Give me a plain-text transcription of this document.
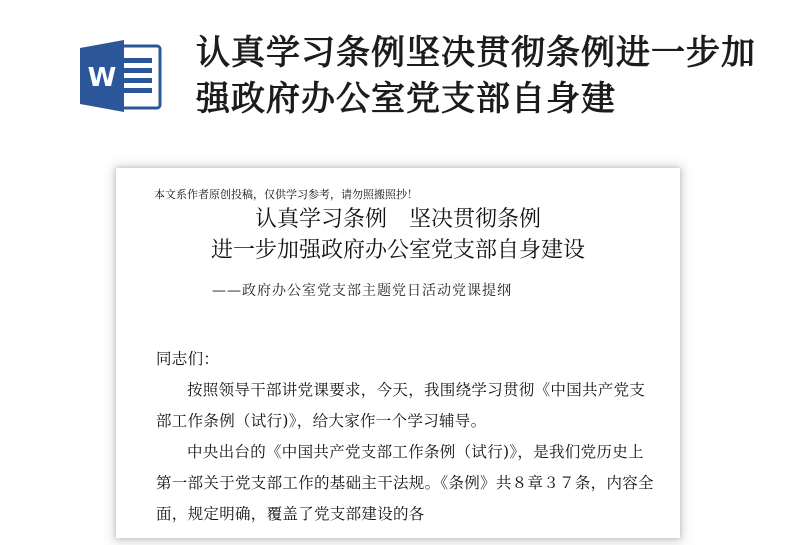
W
认真学习条例坚决贯彻条例进一步加强政府办公室党支部自身建
本文系作者原创投稿，仅供学习参考，请勿照搬照抄！
认真学习条例　坚决贯彻条例
进一步加强政府办公室党支部自身建设
——政府办公室党支部主题党日活动党课提纲

同志们：

按照领导干部讲党课要求，今天，我围绕学习贯彻《中国共产党支部工作条例（试行)》，给大家作一个学习辅导。

中央出台的《中国共产党支部工作条例（试行)》，是我们党历史上第一部关于党支部工作的基础主干法规。《条例》共８章３７条，内容全面，规定明确，覆盖了党支部建设的各
